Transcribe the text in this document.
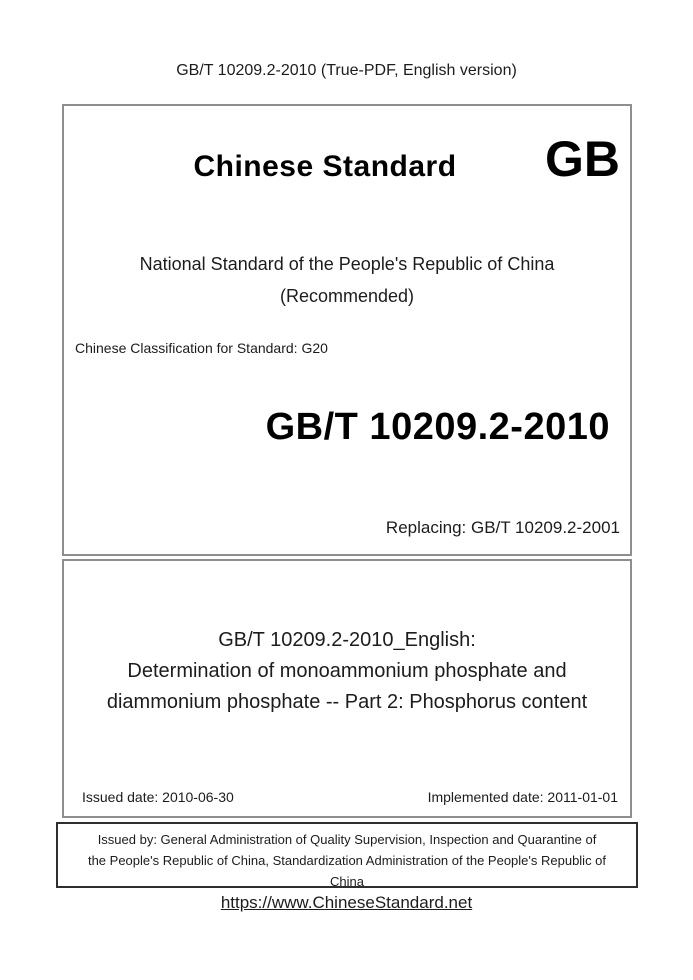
GB/T 10209.2-2010 (True-PDF, English version)
Chinese Standard	GB
National Standard of the People's Republic of China
(Recommended)
Chinese Classification for Standard: G20
GB/T 10209.2-2010
Replacing: GB/T 10209.2-2001
GB/T 10209.2-2010_English:
Determination of monoammonium phosphate and
diammonium phosphate -- Part 2: Phosphorus content
Issued date: 2010-06-30	Implemented date: 2011-01-01
Issued by: General Administration of Quality Supervision, Inspection and Quarantine of
the People's Republic of China, Standardization Administration of the People's Republic of
China
https://www.ChineseStandard.net
